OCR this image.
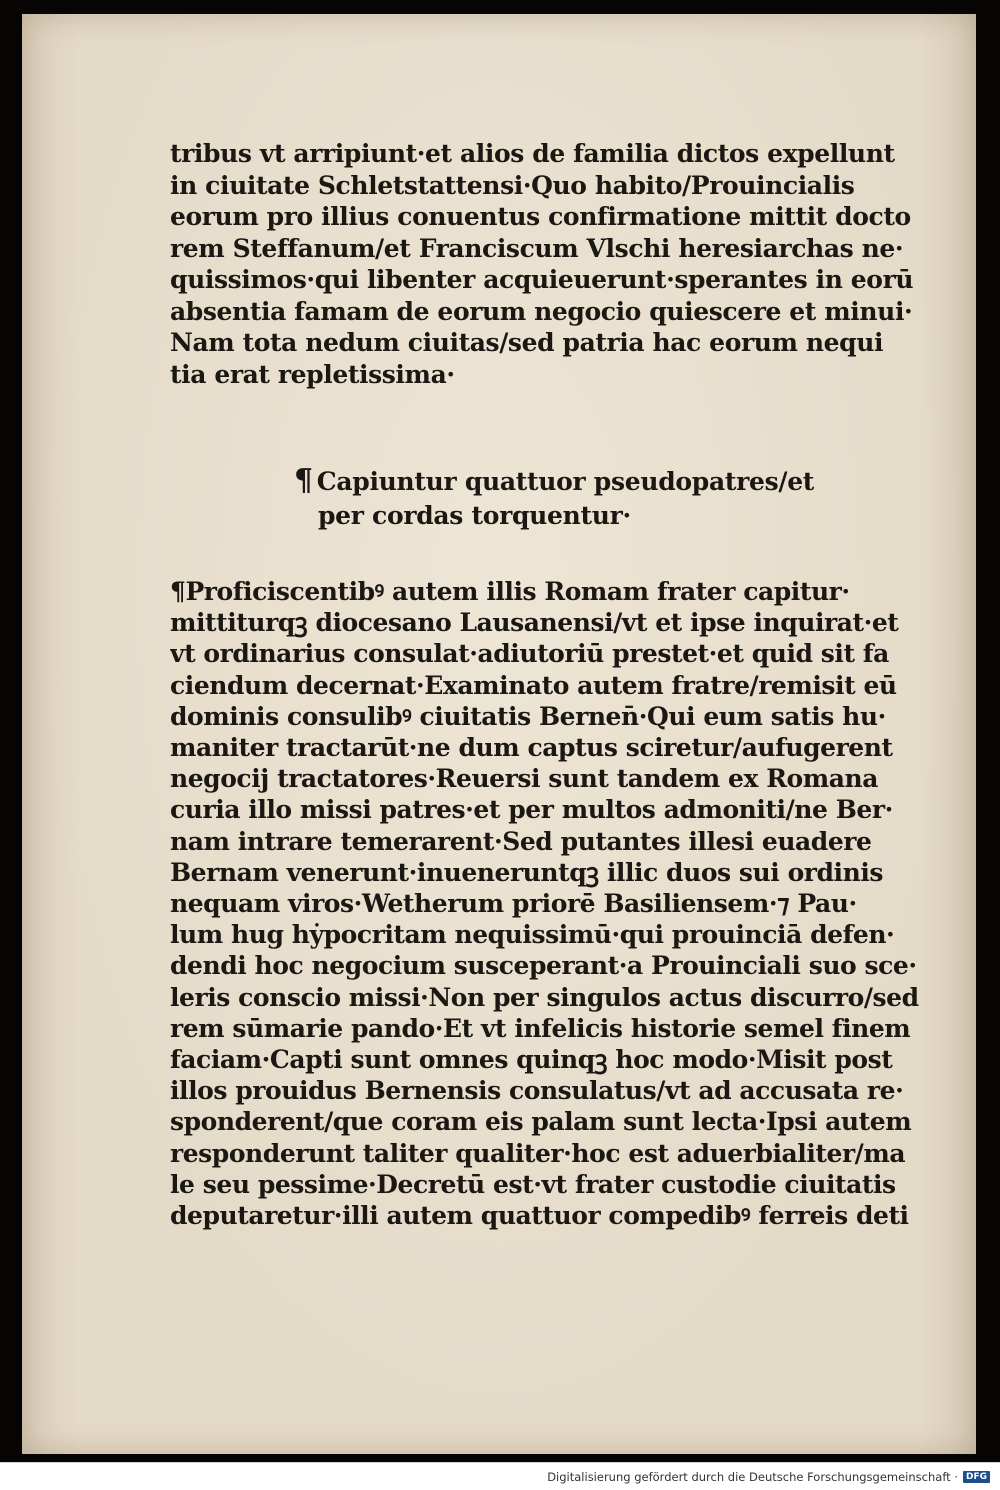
tribus vt arripiunt·et alios de familia dictos expellunt
in ciuitate Schletstattensi·Quo habito/Prouincialis
eorum pro illius conuentus confirmatione mittit docto
rem Steffanum/et Franciscum Vlschi heresiarchas ne·
quissimos·qui libenter acquieuerunt·sperantes in eorū
absentia famam de eorum negocio quiescere et minui·
Nam tota nedum ciuitas/sed patria hac eorum nequi
tia erat repletissima·
¶ Capiuntur quattuor pseudopatres/et
per cordas torquentur·
¶Proficiscentibꝰ autem illis Romam frater capitur·
mittiturqꝫ diocesano Lausanensi/vt et ipse inquirat·et
vt ordinarius consulat·adiutoriū prestet·et quid sit fa
ciendum decernat·Examinato autem fratre/remisit eū
dominis consulibꝰ ciuitatis Bernen̄·Qui eum satis hu·
maniter tractarūt·ne dum captus sciretur/aufugerent
negocij tractatores·Reuersi sunt tandem ex Romana
curia illo missi patres·et per multos admoniti/ne Ber·
nam intrare temerarent·Sed putantes illesi euadere
Bernam venerunt·inueneruntqꝫ illic duos sui ordinis
nequam viros·Wetherum priorē Basiliensem·⁊ Pau·
lum hug hẏpocritam nequissimū·qui prouinciā defen·
dendi hoc negocium susceperant·a Prouinciali suo sce·
leris conscio missi·Non per singulos actus discurro/sed
rem sūmarie pando·Et vt infelicis historie semel finem
faciam·Capti sunt omnes quinqꝫ hoc modo·Misit post
illos prouidus Bernensis consulatus/vt ad accusata re·
sponderent/que coram eis palam sunt lecta·Ipsi autem
responderunt taliter qualiter·hoc est aduerbialiter/ma
le seu pessime·Decretū est·vt frater custodie ciuitatis
deputaretur·illi autem quattuor compedibꝰ ferreis deti
Digitalisierung gefördert durch die Deutsche Forschungsgemeinschaft · DFG
